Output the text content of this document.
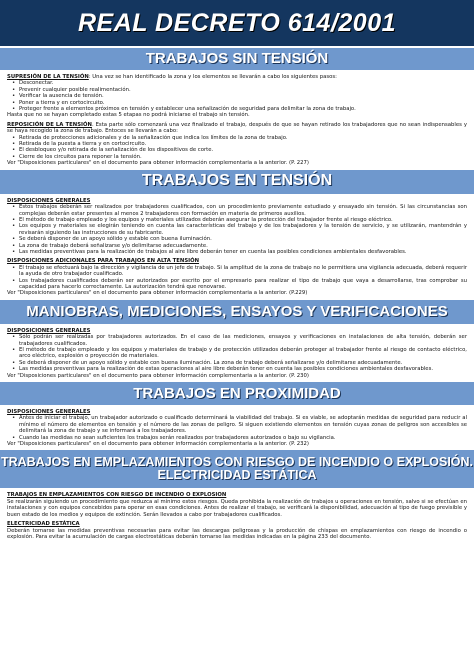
REAL DECRETO 614/2001
TRABAJOS SIN TENSIÓN

SUPRESIÓN DE LA TENSIÓN: Una vez se han identificado la zona y los elementos se llevarán a cabo los siguientes pasos:

• Desconectar.
• Prevenir cualquier posible realimentación.
• Verificar la ausencia de tensión.
• Poner a tierra y en cortocircuito.
• Proteger frente a elementos próximos en tensión y establecer una señalización de seguridad para delimitar la zona de trabajo.

Hasta que no se hayan completado estas 5 etapas no podrá iniciarse el trabajo sin tensión.

REPOSICIÓN DE LA TENSIÓN. Esta parte sólo comenzará una vez finalizado el trabajo, después de que se hayan retirado los trabajadores que no sean indispensables y se haya recogido la zona de trabajo. Entoces se llevarán a cabo:

• Retirada de protecciones adicionales y de la señalización que indica los límites de la zona de trabajo.
• Retirada de la puesta a tierra y en cortocircuito.
• El desbloqueo y/o retirada de la señalización de los dispositivos de corte.
• Cierre de los circuitos para reponer la tensión.

Ver "Disposiciones particulares" en el documento para obtener información complementaria a la anterior. (P. 227)

TRABAJOS EN TENSIÓN

DISPOSICIONES GENERALES

• Estos trabajos deberán ser realizados por trabajadores cualificados, con un procedimiento previamente estudiado y ensayado sin tensión. Si las circunstancias son complejas deberán estar presentes al menos 2 trabajadores con formación en materia de primeros auxilios.
• El método de trabajo empleado y los equipos y materiales utilizados deberán asegurar la protección del trabajador frente al riesgo eléctrico.
• Los equipos y materiales se elegirán teniendo en cuenta las características del trabajo y de los trabajadores y la tensión de servicio, y se utilizarán, mantendrán y revisarán siguiendo las instrucciones de su fabricante.
• Se deberá disponer de un apoyo sólido y estable con buena iluminación.
• La zona de trabajo deberá señalizarse y/o delimitarse adecuadamente.
• Las medidas preventivas para la realización de trabajos al aire libre deberán tener en cuenta las posibles condiciones ambientales desfavorables.

DISPOSICIONES ADICIONALES PARA TRABAJOS EN ALTA TENSIÓN

• El trabajo se efectuará bajo la dirección y vigilancia de un jefe de trabajo. Si la amplitud de la zona de trabajo no le permitiera una vigilancia adecuada, deberá requerir la ayuda de otro trabajador cualificado.
• Los trabajadores cualificados deberán ser autorizados por escrito por el empresario para realizar el tipo de trabajo que vaya a desarrollarse, tras comprobar su capacidad para hacerlo correctamente. La autorización tendrá que renovarse.

Ver "Disposiciones particulares" en el documento para obtener información complementaria a la anterior. (P.229)

MANIOBRAS, MEDICIONES, ENSAYOS Y VERIFICACIONES

DISPOSICIONES GENERALES

• Sólo podrán ser realizadas por trabajadores autorizados. En el caso de las mediciones, ensayos y verificaciones en instalaciones de alta tensión, deberán ser trabajadores cualificados.
• El método de trabajo empleado y los equipos y materiales de trabajo y de protección utilizados deberán proteger al trabajador frente al riesgo de contacto eléctrico, arco eléctrico, explosión o proyección de materiales.
• Se deberá disponer de un apoyo sólido y estable con buena iluminación. La zona de trabajo deberá señalizarse y/o delimitarse adecuadamente.
• Las medidas preventivas para la realización de estas operaciones al aire libre deberán tener en cuenta las posibles condiciones ambientales desfavorables.

Ver "Disposiciones particulares" en el documento para obtener información complementaria a la anterior. (P. 230)

TRABAJOS EN PROXIMIDAD

DISPOSICIONES GENERALES

• Antes de iniciar el trabajo, un trabajador autorizado o cualificado determinará la viabilidad del trabajo. Si es viable, se adoptarán medidas de seguridad para reducir al mínimo el número de elementos en tensión y el número de las zonas de peligro. Si siguen existiendo elementos en tensión cuyas zonas de peligros son accesibles se delimitará la zona de trabajo y se informará a los trabajadores.
• Cuando las medidas no sean suficientes los trabajos serán realizados por trabajadores autorizados o bajo su vigilancia.

Ver "Disposiciones particulares" en el documento para obtener información complementaria a la anterior. (P. 232)

TRABAJOS EN EMPLAZAMIENTOS CON RIESGO DE INCENDIO O EXPLOSIÓN.
ELECTRICIDAD ESTÁTICA

TRABAJOS EN EMPLAZAMIENTOS CON RIESGO DE INCENDIO O EXPLOSION

Se realizarán siguiendo un procedimiento que reduzca al mínimo estos riesgos. Queda prohibida la realización de trabajos u operaciones en tensión, salvo si se efectúan en instalaciones y con equipos concebidos para operar en esas condiciones. Antes de realizar el trabajo, se verificará la disponibilidad, adecuación al tipo de fuego previsible y buen estado de los medios y equipos de extinción. Serán llevados a cabo por trabajadores cualificados.

ELECTRICIDAD ESTÁTICA

Deberán tomarse las medidas preventivas necesarias para evitar las descargas peligrosas y la producción de chispas en emplazamientos con riesgo de incendio o explosión. Para evitar la acumulación de cargas electrostáticas deberán tomarse las medidas indicadas en la página 233 del documento.
